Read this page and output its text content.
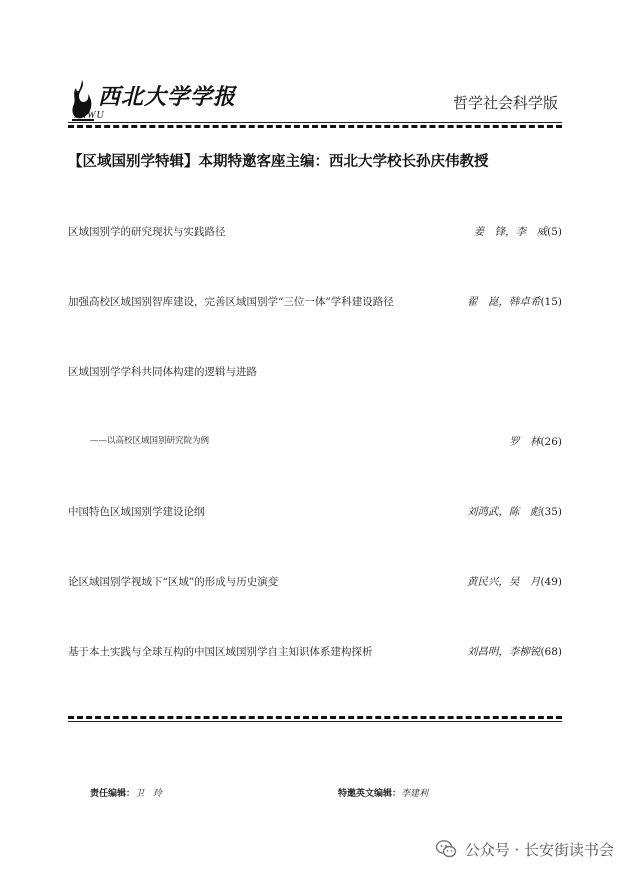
西北大学学报
JNWU
哲学社会科学版
【区域国别学特辑】本期特邀客座主编：西北大学校长孙庆伟教授
区域国别学的研究现状与实践路径	姜　锋，李　威(5)
加强高校区域国别智库建设，完善区域国别学“三位一体”学科建设路径	翟　崑，韩卓希(15)
区域国别学学科共同体构建的逻辑与进路
——以高校区域国别研究院为例	罗　林(26)
中国特色区域国别学建设论纲	刘鸿武，陈　彪(35)
论区域国别学视域下“区域”的形成与历史演变	黄民兴，吴　月(49)
基于本土实践与全球互构的中国区域国别学自主知识体系建构探析	刘昌明，李柳锐(68)
责任编辑：卫　玲	特邀英文编辑：李建利
公众号 · 长安街读书会
